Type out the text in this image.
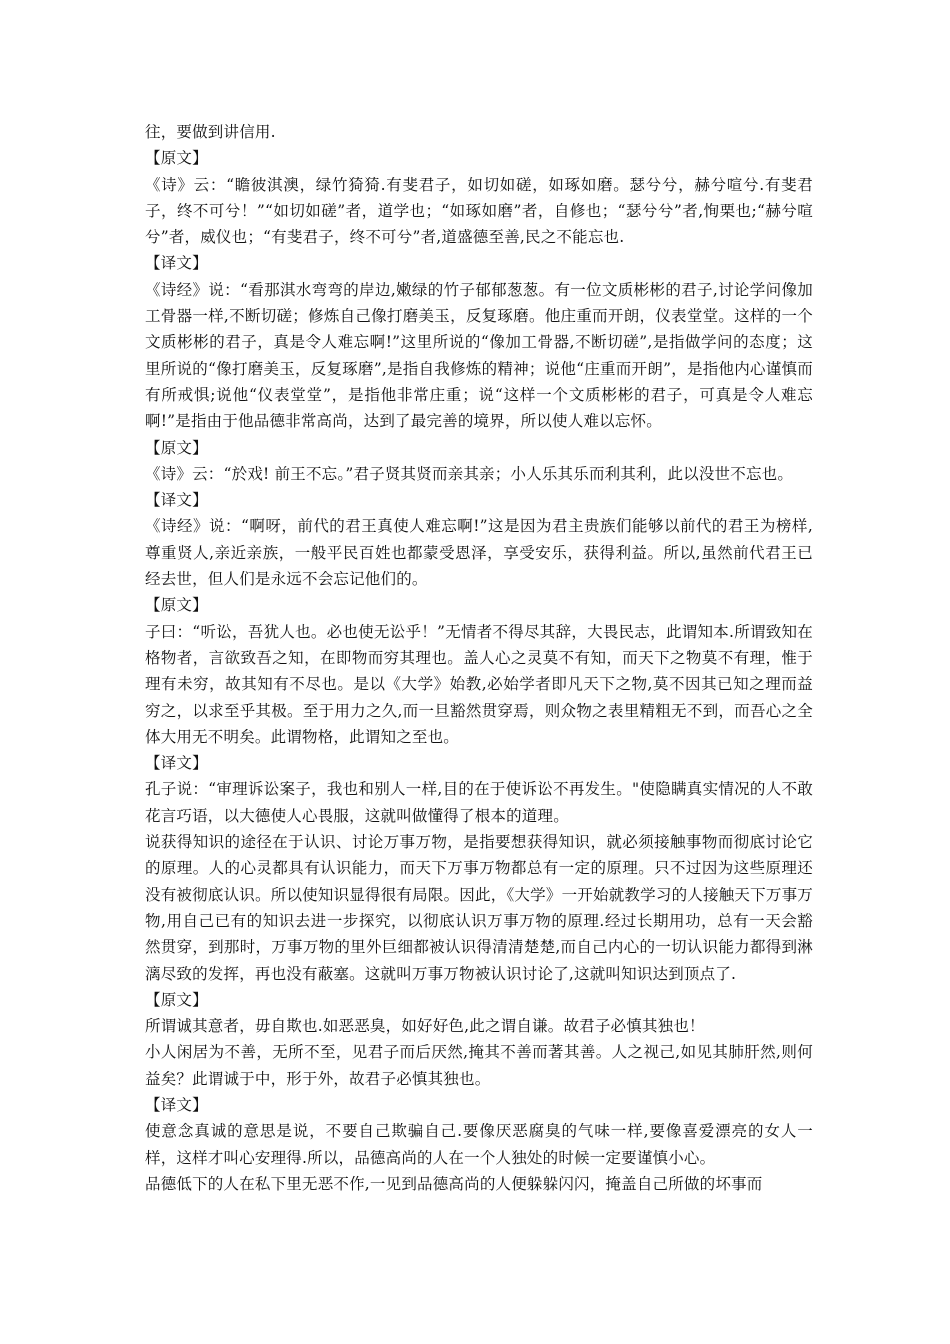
往，要做到讲信用.

【原文】

《诗》云：“瞻彼淇澳，绿竹猗猗.有斐君子，如切如磋，如琢如磨。瑟兮兮，赫兮喧兮.有斐君子，终不可兮！”“如切如磋”者，道学也；“如琢如磨”者，自修也；“瑟兮兮”者,恂栗也;“赫兮喧兮”者，威仪也；“有斐君子，终不可兮”者,道盛德至善,民之不能忘也.

【译文】

《诗经》说：“看那淇水弯弯的岸边,嫩绿的竹子郁郁葱葱。有一位文质彬彬的君子,讨论学问像加工骨器一样,不断切磋；修炼自己像打磨美玉，反复琢磨。他庄重而开朗，仪表堂堂。这样的一个文质彬彬的君子，真是令人难忘啊!”这里所说的“像加工骨器,不断切磋”,是指做学问的态度；这里所说的“像打磨美玉，反复琢磨”,是指自我修炼的精神；说他“庄重而开朗”，是指他内心谨慎而有所戒惧;说他“仪表堂堂”，是指他非常庄重；说“这样一个文质彬彬的君子，可真是令人难忘啊!”是指由于他品德非常高尚，达到了最完善的境界，所以使人难以忘怀。

【原文】

《诗》云：“於戏! 前王不忘。”君子贤其贤而亲其亲；小人乐其乐而利其利，此以没世不忘也。

【译文】

《诗经》说：“啊呀，前代的君王真使人难忘啊!”这是因为君主贵族们能够以前代的君王为榜样,尊重贤人,亲近亲族，一般平民百姓也都蒙受恩泽，享受安乐，获得利益。所以,虽然前代君王已经去世，但人们是永远不会忘记他们的。

【原文】

子曰：“听讼，吾犹人也。必也使无讼乎！”无情者不得尽其辞，大畏民志，此谓知本.所谓致知在格物者，言欲致吾之知，在即物而穷其理也。盖人心之灵莫不有知，而天下之物莫不有理，惟于理有未穷，故其知有不尽也。是以《大学》始教,必始学者即凡天下之物,莫不因其已知之理而益穷之，以求至乎其极。至于用力之久,而一旦豁然贯穿焉，则众物之表里精粗无不到，而吾心之全体大用无不明矣。此谓物格，此谓知之至也。

【译文】

孔子说：“审理诉讼案子，我也和别人一样,目的在于使诉讼不再发生。"使隐瞒真实情况的人不敢花言巧语，以大德使人心畏服，这就叫做懂得了根本的道理。

说获得知识的途径在于认识、讨论万事万物，是指要想获得知识，就必须接触事物而彻底讨论它的原理。人的心灵都具有认识能力，而天下万事万物都总有一定的原理。只不过因为这些原理还没有被彻底认识。所以使知识显得很有局限。因此，《大学》一开始就教学习的人接触天下万事万物,用自己已有的知识去进一步探究，以彻底认识万事万物的原理.经过长期用功，总有一天会豁然贯穿，到那时，万事万物的里外巨细都被认识得清清楚楚,而自己内心的一切认识能力都得到淋漓尽致的发挥，再也没有蔽塞。这就叫万事万物被认识讨论了,这就叫知识达到顶点了.

【原文】

所谓诚其意者，毋自欺也.如恶恶臭，如好好色,此之谓自谦。故君子必慎其独也！

小人闲居为不善，无所不至，见君子而后厌然,掩其不善而著其善。人之视己,如见其肺肝然,则何益矣？此谓诚于中，形于外，故君子必慎其独也。

【译文】

使意念真诚的意思是说，不要自己欺骗自己.要像厌恶腐臭的气味一样,要像喜爱漂亮的女人一样，这样才叫心安理得.所以，品德高尚的人在一个人独处的时候一定要谨慎小心。

品德低下的人在私下里无恶不作,一见到品德高尚的人便躲躲闪闪，掩盖自己所做的坏事而
